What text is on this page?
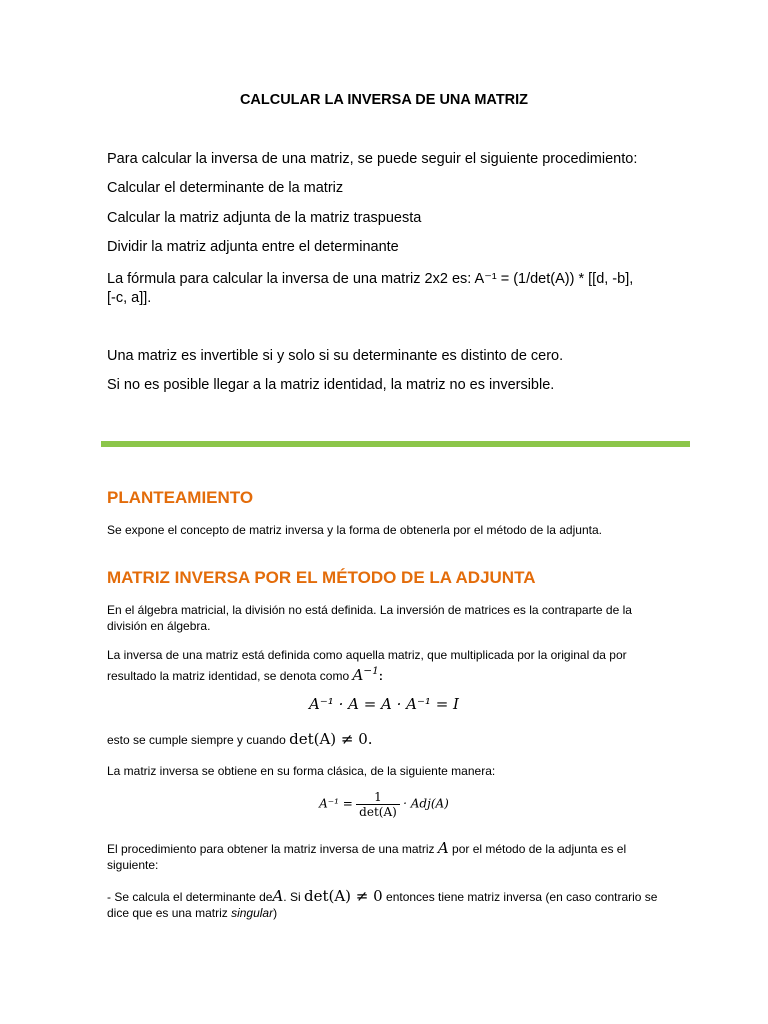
CALCULAR LA INVERSA DE UNA MATRIZ

Para calcular la inversa de una matriz, se puede seguir el siguiente procedimiento:

Calcular el determinante de la matriz

Calcular la matriz adjunta de la matriz traspuesta

Dividir la matriz adjunta entre el determinante

La fórmula para calcular la inversa de una matriz 2x2 es: A⁻¹ = (1/det(A)) * [[d, -b],
[-c, a]].

Una matriz es invertible si y solo si su determinante es distinto de cero.

Si no es posible llegar a la matriz identidad, la matriz no es inversible.

PLANTEAMIENTO

Se expone el concepto de matriz inversa y la forma de obtenerla por el método de la adjunta.

MATRIZ INVERSA POR EL MÉTODO DE LA ADJUNTA

En el álgebra matricial, la división no está definida. La inversión de matrices es la contraparte de la
división en álgebra.
La inversa de una matriz está definida como aquella matriz, que multiplicada por la original da por
resultado la matriz identidad, se denota como $A^{-1}$:
A⁻¹ · A = A · A⁻¹ = I
esto se cumple siempre y cuando det(A) ≠ 0.

La matriz inversa se obtiene en su forma clásica, de la siguiente manera:

$A^{-1} = \frac{1}{\det(A)} \cdot Adj(A)$
El procedimiento para obtener la matriz inversa de una matriz A por el método de la adjunta es el
siguiente:
- Se calcula el determinante deA. Si det(A) ≠ 0 entonces tiene matriz inversa (en caso contrario se
dice que es una matriz singular)
